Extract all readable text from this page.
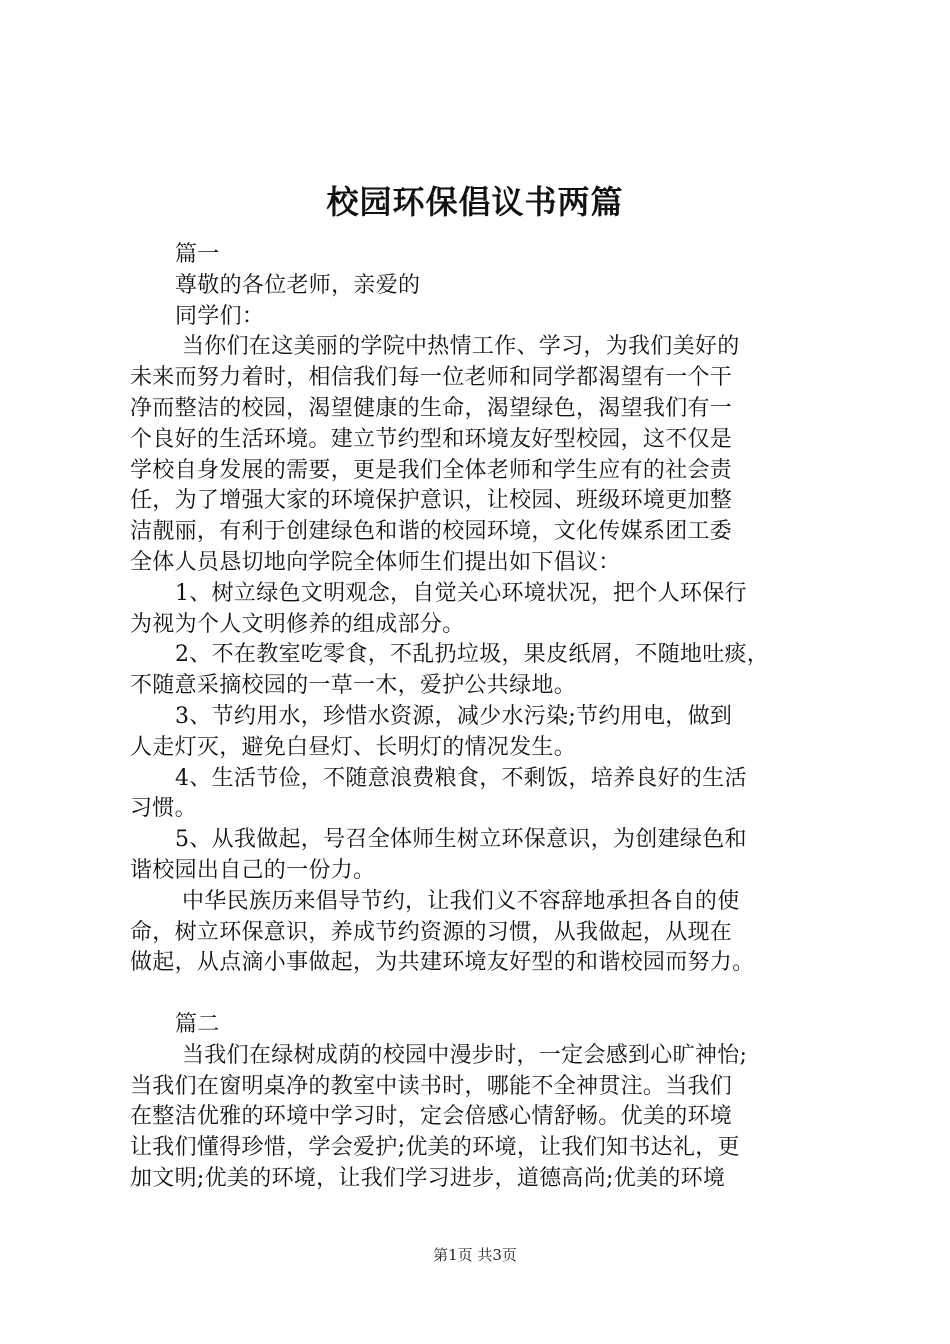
校园环保倡议书两篇
篇一
尊敬的各位老师，亲爱的
同学们：
当你们在这美丽的学院中热情工作、学习，为我们美好的
未来而努力着时，相信我们每一位老师和同学都渴望有一个干
净而整洁的校园，渴望健康的生命，渴望绿色，渴望我们有一
个良好的生活环境。建立节约型和环境友好型校园，这不仅是
学校自身发展的需要，更是我们全体老师和学生应有的社会责
任，为了增强大家的环境保护意识，让校园、班级环境更加整
洁靓丽，有利于创建绿色和谐的校园环境，文化传媒系团工委
全体人员恳切地向学院全体师生们提出如下倡议：
1、树立绿色文明观念，自觉关心环境状况，把个人环保行
为视为个人文明修养的组成部分。
2、不在教室吃零食，不乱扔垃圾，果皮纸屑，不随地吐痰，
不随意采摘校园的一草一木，爱护公共绿地。
3、节约用水，珍惜水资源，减少水污染;节约用电，做到
人走灯灭，避免白昼灯、长明灯的情况发生。
4、生活节俭，不随意浪费粮食，不剩饭，培养良好的生活
习惯。
5、从我做起，号召全体师生树立环保意识，为创建绿色和
谐校园出自己的一份力。
中华民族历来倡导节约，让我们义不容辞地承担各自的使
命，树立环保意识，养成节约资源的习惯，从我做起，从现在
做起，从点滴小事做起，为共建环境友好型的和谐校园而努力。
篇二
当我们在绿树成荫的校园中漫步时，一定会感到心旷神怡;
当我们在窗明桌净的教室中读书时，哪能不全神贯注。当我们
在整洁优雅的环境中学习时，定会倍感心情舒畅。优美的环境
让我们懂得珍惜，学会爱护;优美的环境，让我们知书达礼，更
加文明;优美的环境，让我们学习进步，道德高尚;优美的环境
第1页 共3页
